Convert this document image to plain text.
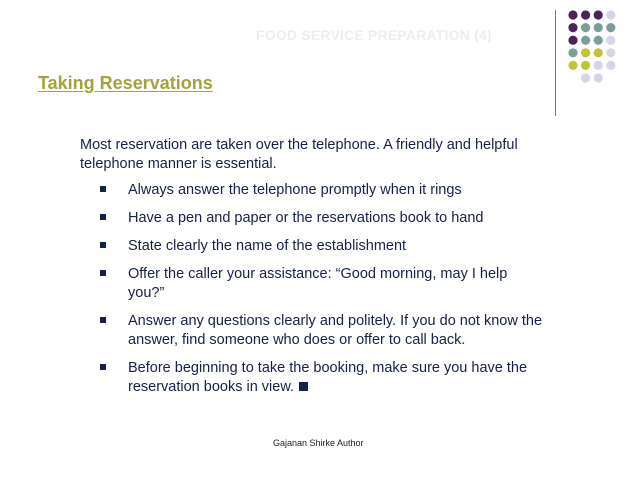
FOOD SERVICE PREPARATION (4)
Taking Reservations
Most reservation are taken over the telephone. A friendly and helpful telephone manner is essential.
Always answer the telephone promptly when it rings
Have a pen and paper or the reservations book to hand
State clearly the name of the establishment
Offer the caller your assistance: “Good morning, may I help you?”
Answer any questions clearly and politely. If you do not know the answer, find someone who does or offer to call back.
Before beginning to take the booking, make sure you have the reservation books in view.
Gajanan Shirke Author
